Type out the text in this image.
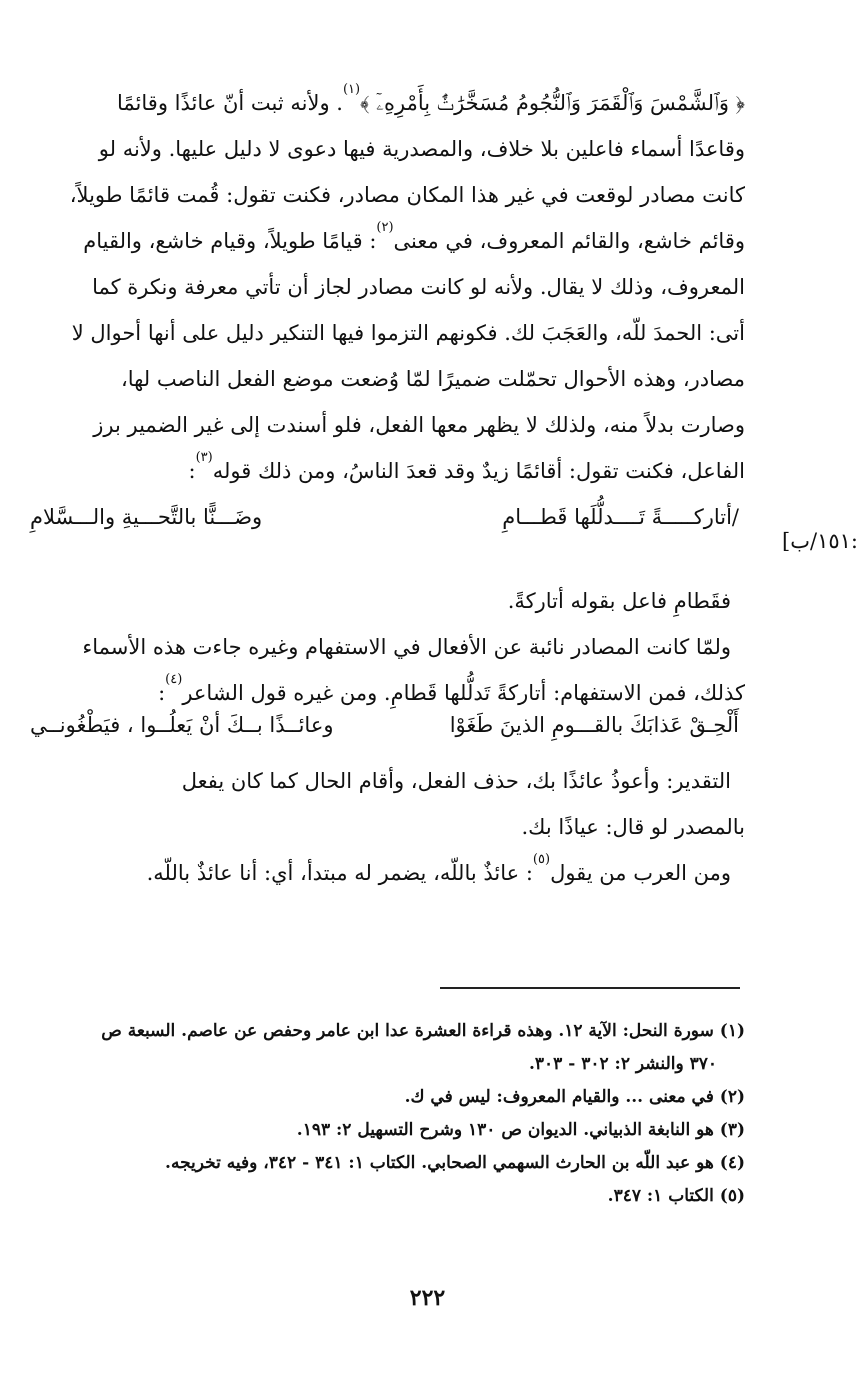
﴿ وَٱلشَّمْسَ وَٱلْقَمَرَ وَٱلنُّجُومُ مُسَخَّرَٰتٌۢ بِأَمْرِهِۦٓ ﴾$^{(١)}$. ولأنه ثبت أنّ عائذًا وقائمًا

وقاعدًا أسماء فاعلين بلا خلاف، والمصدرية فيها دعوى لا دليل عليها. ولأنه لو

كانت مصادر لوقعت في غير هذا المكان مصادر، فكنت تقول: قُمت قائمًا طويلاً،

وقائم خاشع، والقائم المعروف، في معنى$^{(٢)}$: قيامًا طويلاً، وقيام خاشع، والقيام

المعروف، وذلك لا يقال. ولأنه لو كانت مصادر لجاز أن تأتي معرفة ونكرة كما

أتى: الحمدَ للّه، والعَجَبَ لك. فكونهم التزموا فيها التنكير دليل على أنها أحوال لا

مصادر، وهذه الأحوال تحمّلت ضميرًا لمّا وُضعت موضع الفعل الناصب لها،

وصارت بدلاً منه، ولذلك لا يظهر معها الفعل، فلو أسندت إلى غير الضمير برز

الفاعل، فكنت تقول: أقائمًا زيدٌ وقد قعدَ الناسُ، ومن ذلك قوله$^{(٣)}$:

/أتاركـــــةً تَــــدلُّلَها قَطـــامِ
وضَـــنًّا بالتَّحـــيةِ والـــسَّلامِ

فقَطامِ فاعل بقوله أتاركةً.

ولمّا كانت المصادر نائبة عن الأفعال في الاستفهام وغيره جاءت هذه الأسماء

كذلك، فمن الاستفهام: أتاركةً تَدلُّلها قَطامِ. ومن غيره قول الشاعر$^{(٤)}$:

أَلْحِـقْ عَذابَكَ بالقـــومِ الذينَ طَغَوْا
وعائــذًا بــكَ أنْ يَعلُــوا ، فيَطْغُونــي

التقدير: وأعوذُ عائذًا بك، حذف الفعل، وأقام الحال كما كان يفعل

بالمصدر لو قال: عياذًا بك.

ومن العرب من يقول$^{(٥)}$: عائذٌ باللّه، يضمر له مبتدأ، أي: أنا عائذٌ باللّه.

:١٥١/ب]

(١) سورة النحل: الآية ١٢. وهذه قراءة العشرة عدا ابن عامر وحفص عن عاصم. السبعة ص

٣٧٠ والنشر ٢: ٣٠٢ - ٣٠٣.

(٢) في معنى ... والقيام المعروف: ليس في ك.

(٣) هو النابغة الذبياني. الديوان ص ١٣٠ وشرح التسهيل ٢: ١٩٣.

(٤) هو عبد اللّه بن الحارث السهمي الصحابي. الكتاب ١: ٣٤١ - ٣٤٢، وفيه تخريجه.

(٥) الكتاب ١: ٣٤٧.

٢٢٢
